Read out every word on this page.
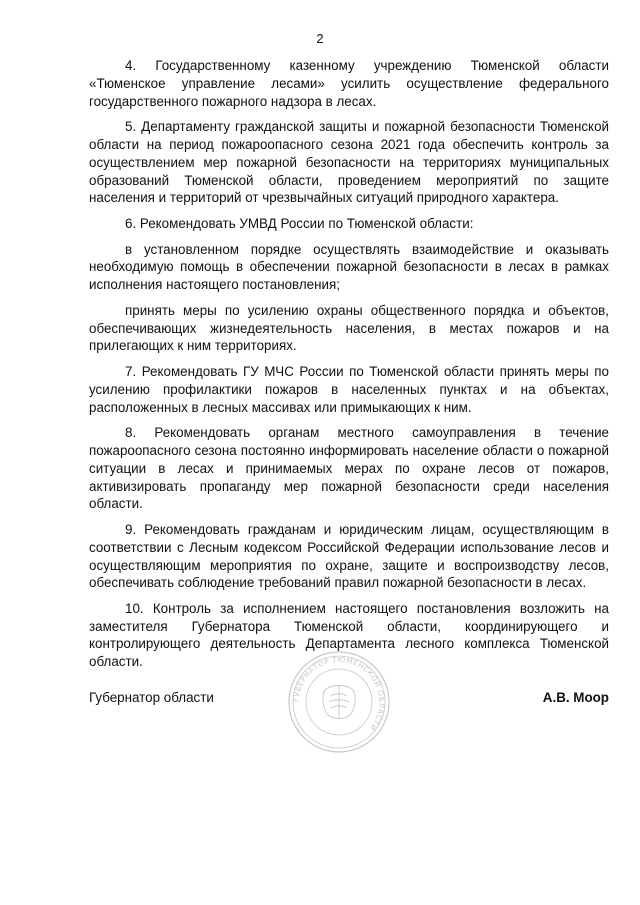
2

4. Государственному казенному учреждению Тюменской области «Тюменское управление лесами» усилить осуществление федерального государственного пожарного надзора в лесах.

5. Департаменту гражданской защиты и пожарной безопасности Тюменской области на период пожароопасного сезона 2021 года обеспечить контроль за осуществлением мер пожарной безопасности на территориях муниципальных образований Тюменской области, проведением мероприятий по защите населения и территорий от чрезвычайных ситуаций природного характера.

6. Рекомендовать УМВД России по Тюменской области:

в установленном порядке осуществлять взаимодействие и оказывать необходимую помощь в обеспечении пожарной безопасности в лесах в рамках исполнения настоящего постановления;

принять меры по усилению охраны общественного порядка и объектов, обеспечивающих жизнедеятельность населения, в местах пожаров и на прилегающих к ним территориях.

7. Рекомендовать ГУ МЧС России по Тюменской области принять меры по усилению профилактики пожаров в населенных пунктах и на объектах, расположенных в лесных массивах или примыкающих к ним.

8. Рекомендовать органам местного самоуправления в течение пожароопасного сезона постоянно информировать население области о пожарной ситуации в лесах и принимаемых мерах по охране лесов от пожаров, активизировать пропаганду мер пожарной безопасности среди населения области.

9. Рекомендовать гражданам и юридическим лицам, осуществляющим в соответствии с Лесным кодексом Российской Федерации использование лесов и осуществляющим мероприятия по охране, защите и воспроизводству лесов, обеспечивать соблюдение требований правил пожарной безопасности в лесах.

10. Контроль за исполнением настоящего постановления возложить на заместителя Губернатора Тюменской области, координирующего и контролирующего деятельность Департамента лесного комплекса Тюменской области.

ГУБЕРНАТОР ТЮМЕНСКОЙ ОБЛАСТИ
Губернатор области	А.В. Моор
